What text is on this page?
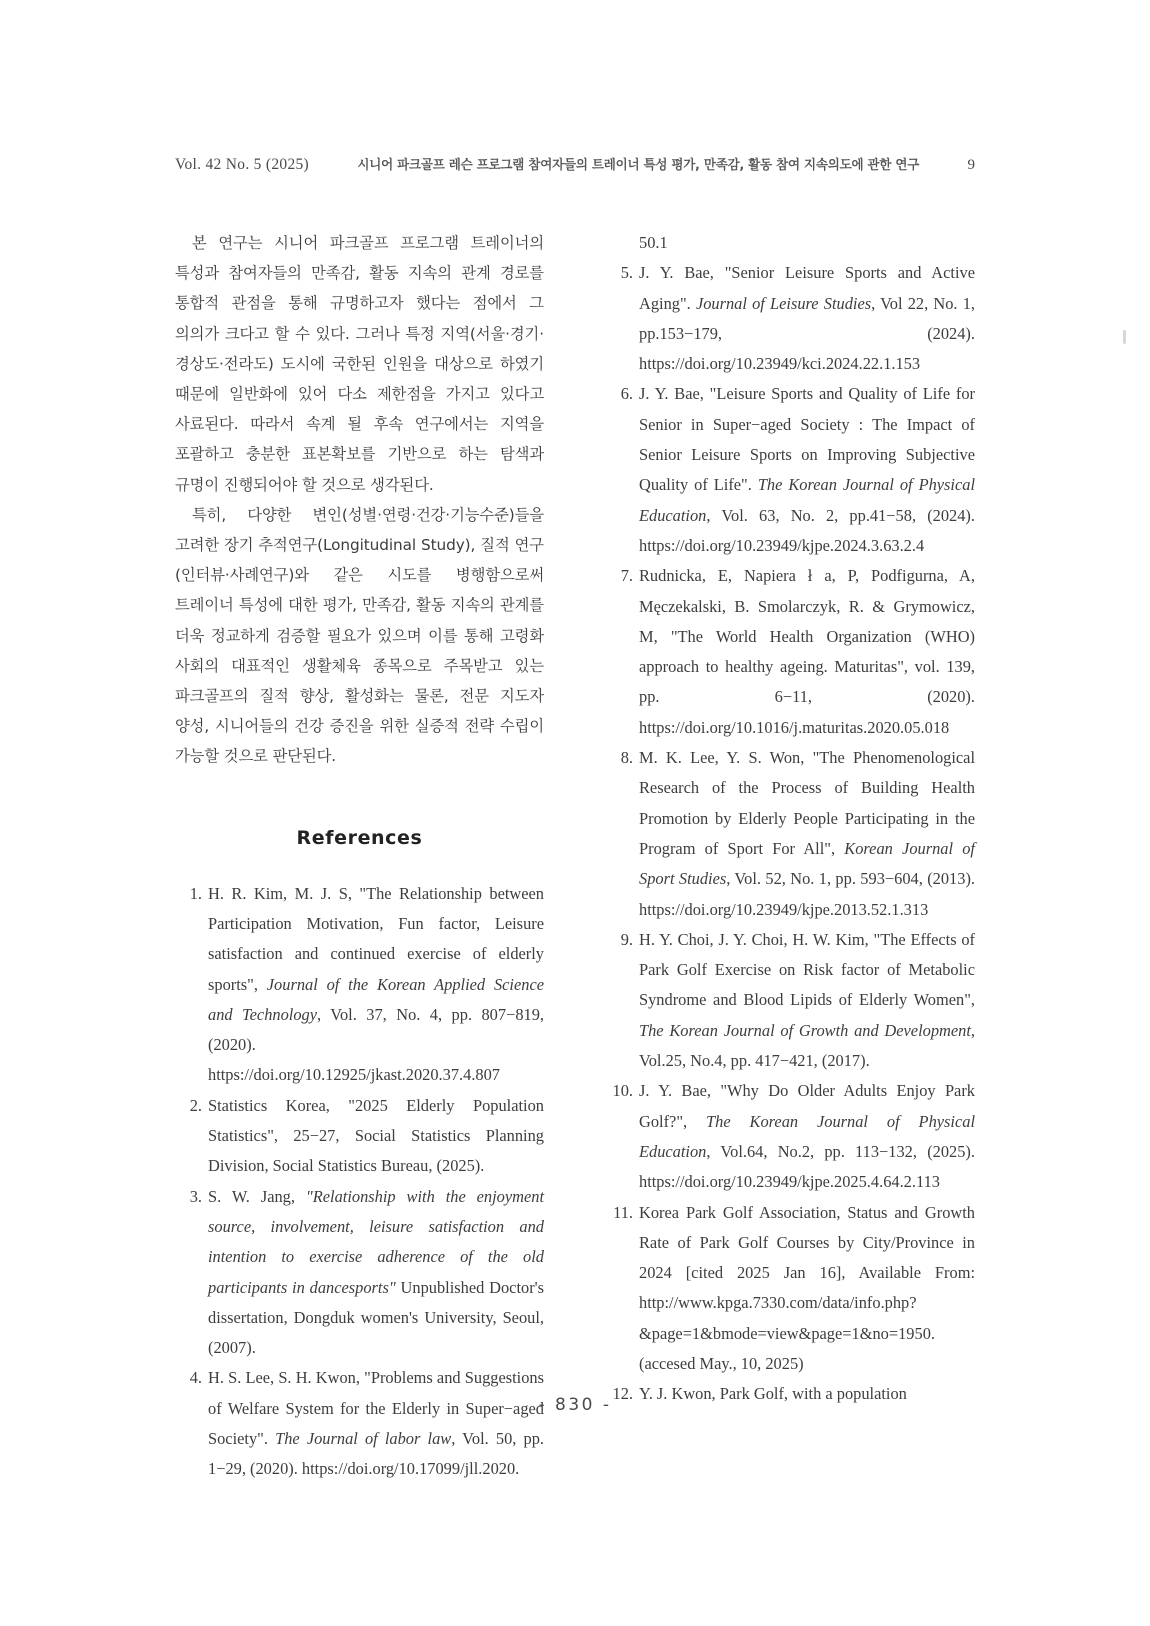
Vol. 42 No. 5 (2025)	시니어 파크골프 레슨 프로그램 참여자들의 트레이너 특성 평가, 만족감, 활동 참여 지속의도에 관한 연구	9

본 연구는 시니어 파크골프 프로그램 트레이너의 특성과 참여자들의 만족감, 활동 지속의 관계 경로를 통합적 관점을 통해 규명하고자 했다는 점에서 그 의의가 크다고 할 수 있다. 그러나 특정 지역(서울·경기·경상도·전라도) 도시에 국한된 인원을 대상으로 하였기 때문에 일반화에 있어 다소 제한점을 가지고 있다고 사료된다. 따라서 속계 될 후속 연구에서는 지역을 포괄하고 충분한 표본확보를 기반으로 하는 탐색과 규명이 진행되어야 할 것으로 생각된다.

특히, 다양한 변인(성별·연령·건강·기능수준)들을 고려한 장기 추적연구(Longitudinal Study), 질적 연구(인터뷰·사례연구)와 같은 시도를 병행함으로써 트레이너 특성에 대한 평가, 만족감, 활동 지속의 관계를 더욱 정교하게 검증할 필요가 있으며 이를 통해 고령화 사회의 대표적인 생활체육 종목으로 주목받고 있는 파크골프의 질적 향상, 활성화는 물론, 전문 지도자 양성, 시니어들의 건강 증진을 위한 실증적 전략 수립이 가능할 것으로 판단된다.

References
1. H. R. Kim, M. J. S, "The Relationship between Participation Motivation, Fun factor, Leisure satisfaction and continued exercise of elderly sports", Journal of the Korean Applied Science and Technology, Vol. 37, No. 4, pp. 807−819, (2020). https://doi.org/10.12925/jkast.2020.37.4.807
2. Statistics Korea, "2025 Elderly Population Statistics", 25−27, Social Statistics Planning Division, Social Statistics Bureau, (2025).
3. S. W. Jang, "Relationship with the enjoyment source, involvement, leisure satisfaction and intention to exercise adherence of the old participants in dancesports" Unpublished Doctor's dissertation, Dongduk women's University, Seoul, (2007).
4. H. S. Lee, S. H. Kwon, "Problems and Suggestions of Welfare System for the Elderly in Super−aged Society". The Journal of labor law, Vol. 50, pp. 1−29, (2020). https://doi.org/10.17099/jll.2020.
50.1
5. J. Y. Bae, "Senior Leisure Sports and Active Aging". Journal of Leisure Studies, Vol 22, No. 1, pp.153−179, (2024). https://doi.org/10.23949/kci.2024.22.1.153
6. J. Y. Bae, "Leisure Sports and Quality of Life for Senior in Super−aged Society : The Impact of Senior Leisure Sports on Improving Subjective Quality of Life". The Korean Journal of Physical Education, Vol. 63, No. 2, pp.41−58, (2024). https://doi.org/10.23949/kjpe.2024.3.63.2.4
7. Rudnicka, E, Napiera ł a, P, Podfigurna, A, Męczekalski, B. Smolarczyk, R. & Grymowicz, M, "The World Health Organization (WHO) approach to healthy ageing. Maturitas", vol. 139, pp. 6−11, (2020). https://doi.org/10.1016/j.maturitas.2020.05.018
8. M. K. Lee, Y. S. Won, "The Phenomenological Research of the Process of Building Health Promotion by Elderly People Participating in the Program of Sport For All", Korean Journal of Sport Studies, Vol. 52, No. 1, pp. 593−604, (2013). https://doi.org/10.23949/kjpe.2013.52.1.313
9. H. Y. Choi, J. Y. Choi, H. W. Kim, "The Effects of Park Golf Exercise on Risk factor of Metabolic Syndrome and Blood Lipids of Elderly Women", The Korean Journal of Growth and Development, Vol.25, No.4, pp. 417−421, (2017).
10. J. Y. Bae, "Why Do Older Adults Enjoy Park Golf?", The Korean Journal of Physical Education, Vol.64, No.2, pp. 113−132, (2025). https://doi.org/10.23949/kjpe.2025.4.64.2.113
11. Korea Park Golf Association, Status and Growth Rate of Park Golf Courses by City/Province in 2024 [cited 2025 Jan 16], Available From: http://www.kpga.7330.com/data/info.php?&page=1&bmode=view&page=1&no=1950.(accesed May., 10, 2025)
12. Y. J. Kwon, Park Golf, with a population
- 830 -
